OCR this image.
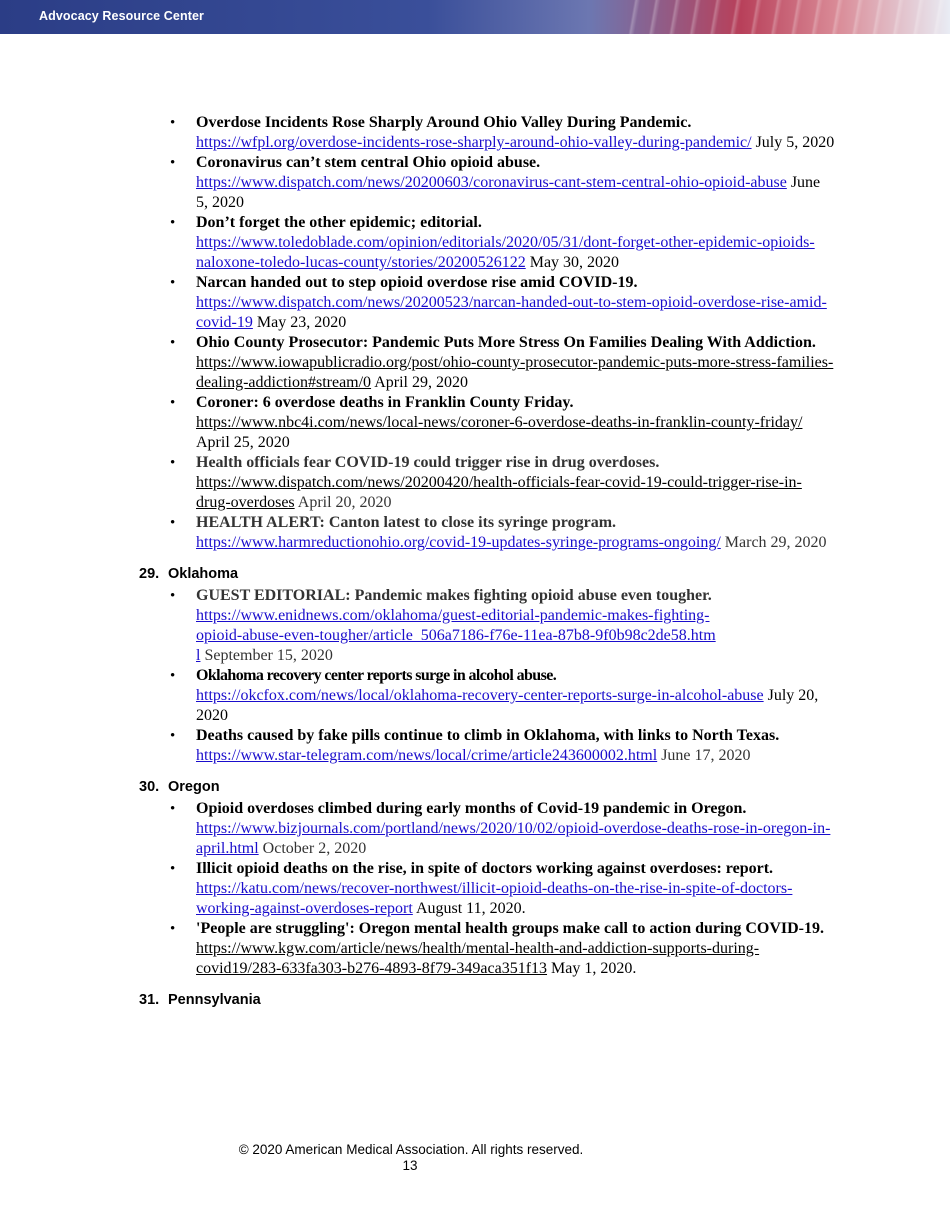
Advocacy Resource Center
• Overdose Incidents Rose Sharply Around Ohio Valley During Pandemic.
https://wfpl.org/overdose-incidents-rose-sharply-around-ohio-valley-during-pandemic/ July 5, 2020
• Coronavirus can’t stem central Ohio opioid abuse.
https://www.dispatch.com/news/20200603/coronavirus-cant-stem-central-ohio-opioid-abuse June 5, 2020
• Don’t forget the other epidemic; editorial.
https://www.toledoblade.com/opinion/editorials/2020/05/31/dont-forget-other-epidemic-opioids-naloxone-toledo-lucas-county/stories/20200526122 May 30, 2020
• Narcan handed out to step opioid overdose rise amid COVID-19.
https://www.dispatch.com/news/20200523/narcan-handed-out-to-stem-opioid-overdose-rise-amid-covid-19 May 23, 2020
• Ohio County Prosecutor: Pandemic Puts More Stress On Families Dealing With Addiction. https://www.iowapublicradio.org/post/ohio-county-prosecutor-pandemic-puts-more-stress-families-dealing-addiction#stream/0 April 29, 2020
• Coroner: 6 overdose deaths in Franklin County Friday.
https://www.nbc4i.com/news/local-news/coroner-6-overdose-deaths-in-franklin-county-friday/ April 25, 2020
• Health officials fear COVID-19 could trigger rise in drug overdoses.
https://www.dispatch.com/news/20200420/health-officials-fear-covid-19-could-trigger-rise-in-drug-overdoses April 20, 2020
• HEALTH ALERT: Canton latest to close its syringe program.
https://www.harmreductionohio.org/covid-19-updates-syringe-programs-ongoing/ March 29, 2020
29. Oklahoma
• GUEST EDITORIAL: Pandemic makes fighting opioid abuse even tougher. https://www.enidnews.com/oklahoma/guest-editorial-pandemic-makes-fighting-opioid-abuse-even-tougher/article_506a7186-f76e-11ea-87b8-9f0b98c2de58.html September 15, 2020
• Oklahoma recovery center reports surge in alcohol abuse.
https://okcfox.com/news/local/oklahoma-recovery-center-reports-surge-in-alcohol-abuse July 20, 2020
• Deaths caused by fake pills continue to climb in Oklahoma, with links to North Texas.
https://www.star-telegram.com/news/local/crime/article243600002.html June 17, 2020
30. Oregon
• Opioid overdoses climbed during early months of Covid-19 pandemic in Oregon.
https://www.bizjournals.com/portland/news/2020/10/02/opioid-overdose-deaths-rose-in-oregon-in-april.html October 2, 2020
• Illicit opioid deaths on the rise, in spite of doctors working against overdoses: report.
https://katu.com/news/recover-northwest/illicit-opioid-deaths-on-the-rise-in-spite-of-doctors-working-against-overdoses-report August 11, 2020.
• 'People are struggling': Oregon mental health groups make call to action during COVID-19. https://www.kgw.com/article/news/health/mental-health-and-addiction-supports-during-covid19/283-633fa303-b276-4893-8f79-349aca351f13 May 1, 2020.
31. Pennsylvania
© 2020 American Medical Association. All rights reserved.
13
